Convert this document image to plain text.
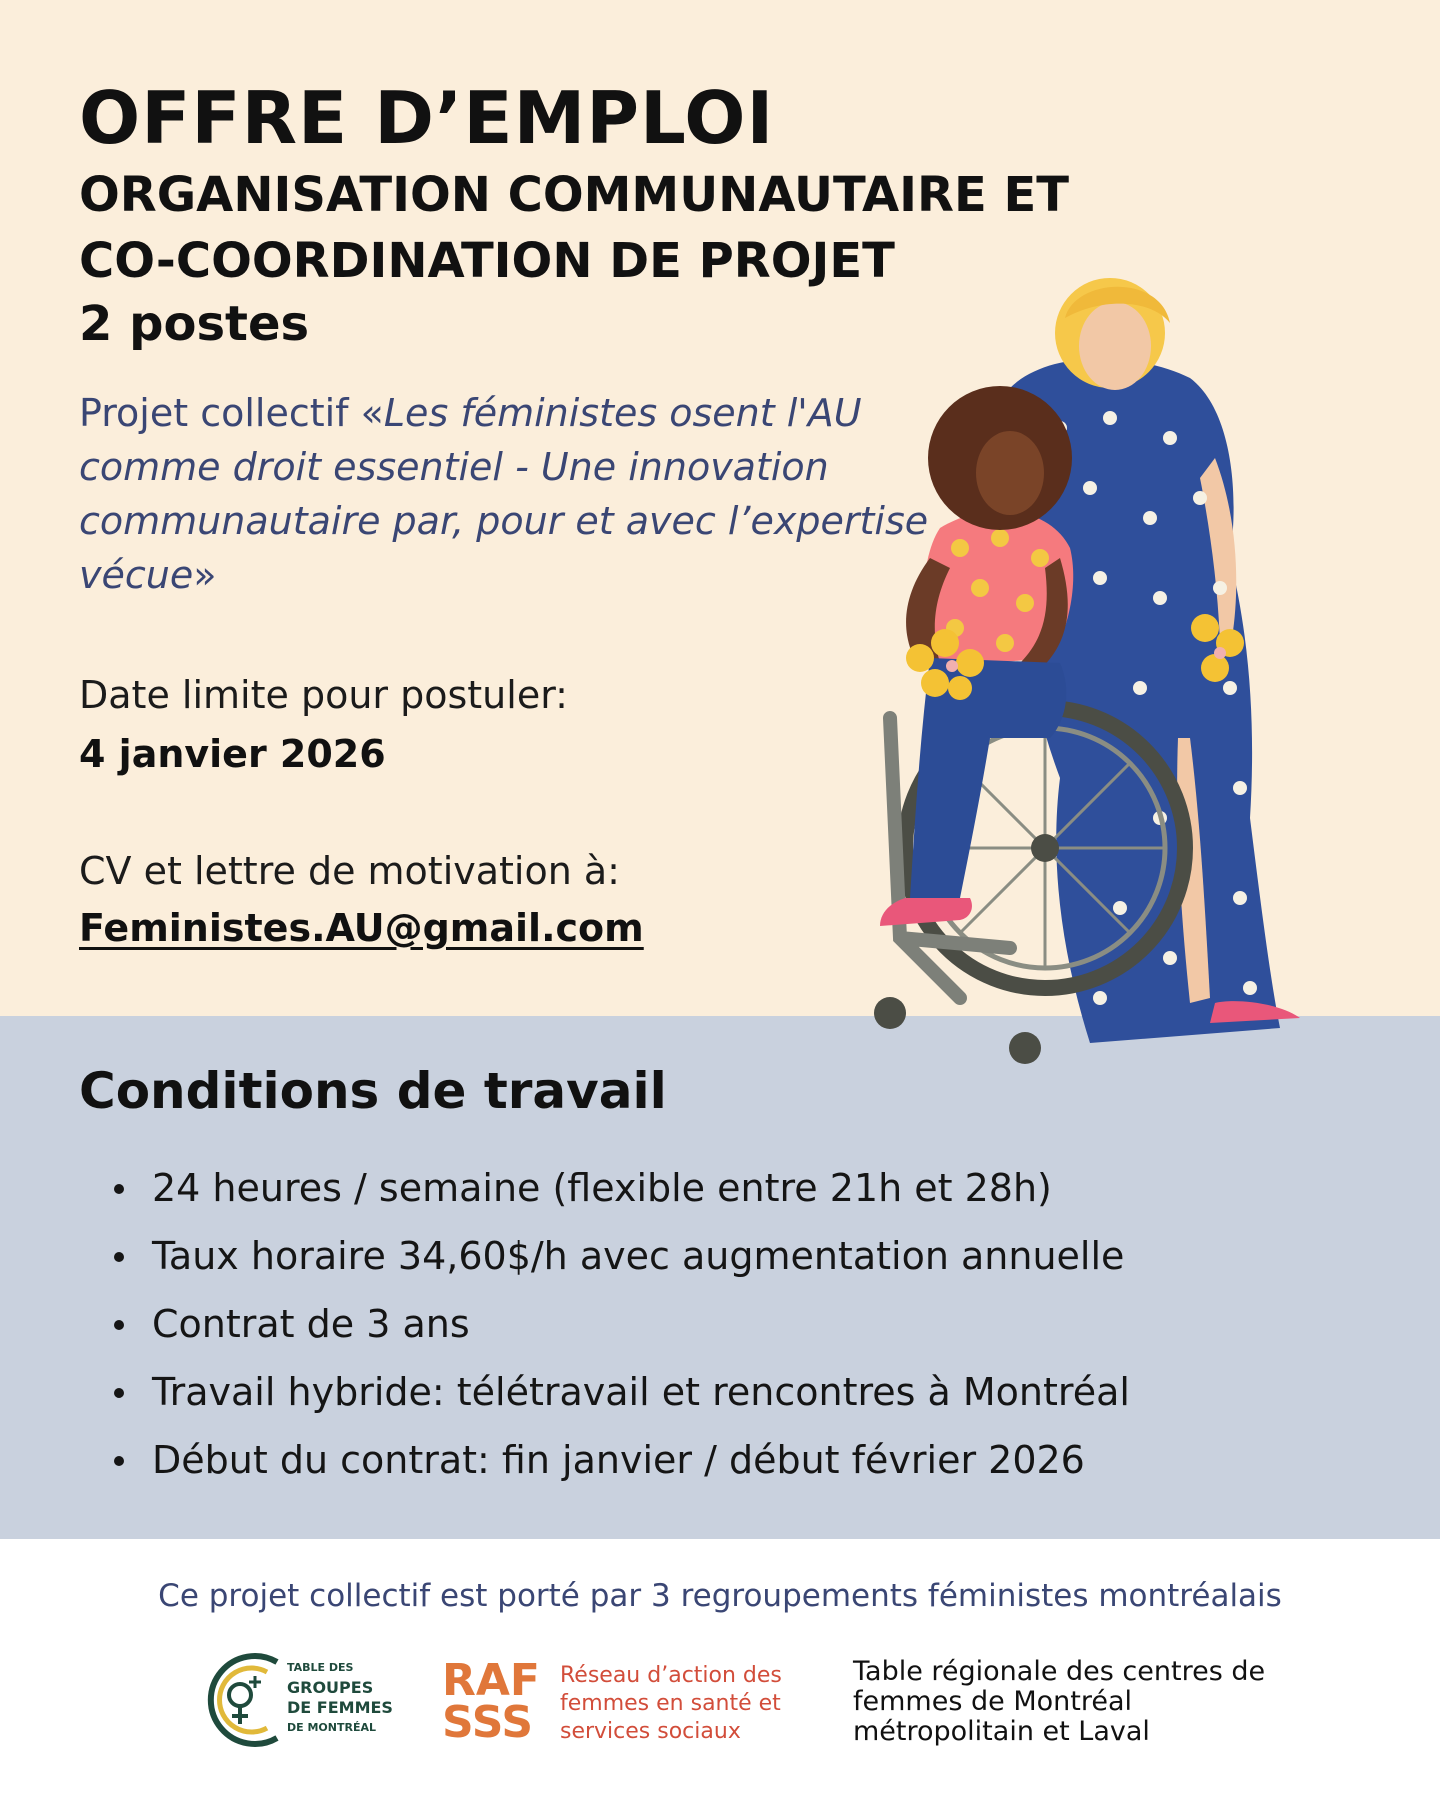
OFFRE D’EMPLOI
ORGANISATION COMMUNAUTAIRE ET
CO-COORDINATION DE PROJET
2 postes

Projet collectif «Les féministes osent l'AU comme droit essentiel - Une innovation communautaire par, pour et avec l’expertise vécue»

Date limite pour postuler:
4 janvier 2026
CV et lettre de motivation à:
Feministes.AU@gmail.com
Conditions de travail
24 heures / semaine (flexible entre 21h et 28h)
Taux horaire 34,60$/h avec augmentation annuelle
Contrat de 3 ans
Travail hybride: télétravail et rencontres à Montréal
Début du contrat: fin janvier / début février 2026
Ce projet collectif est porté par 3 regroupements féministes montréalais
TABLE DES
GROUPES
DE FEMMES
DE MONTRÉAL
RAF
SSS
Réseau d’action des femmes en santé et services sociaux
Table régionale des centres de femmes de Montréal métropolitain et Laval
